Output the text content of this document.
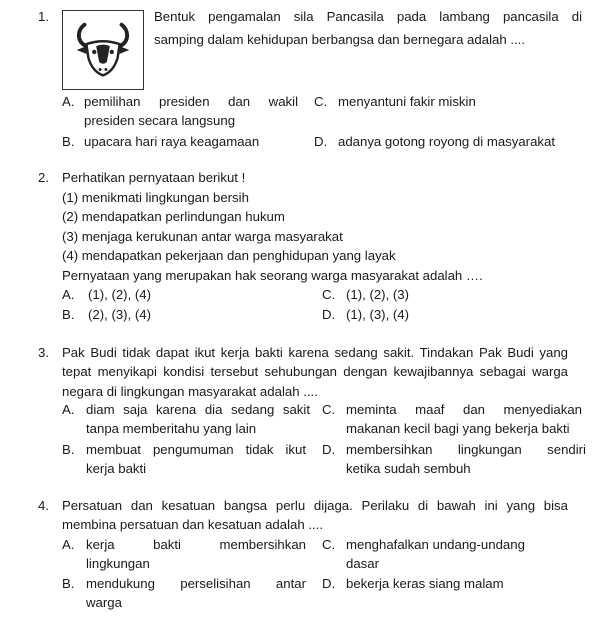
1.	Bentuk pengamalan sila Pancasila pada lambang pancasila di
samping dalam kehidupan berbangsa dan bernegara adalah ....
A. pemilihan presiden dan wakil
presiden secara langsung
B. upacara hari raya keagamaan
C. menyantuni fakir miskin
D. adanya gotong royong di masyarakat
2. Perhatikan pernyataan berikut !
(1) menikmati lingkungan bersih
(2) mendapatkan perlindungan hukum
(3) menjaga kerukunan antar warga masyarakat
(4) mendapatkan pekerjaan dan penghidupan yang layak
Pernyataan yang merupakan hak seorang warga masyarakat adalah ….
A. (1), (2), (4)
B. (2), (3), (4)
C. (1), (2), (3)
D. (1), (3), (4)
3. Pak Budi tidak dapat ikut kerja bakti karena sedang sakit. Tindakan Pak Budi yang
tepat menyikapi kondisi tersebut sehubungan dengan kewajibannya sebagai warga
negara di lingkungan masyarakat adalah ....
A. diam saja karena dia sedang sakit
tanpa memberitahu yang lain
B. membuat pengumuman tidak ikut
kerja bakti
C. meminta maaf dan menyediakan
makanan kecil bagi yang bekerja bakti
D. membersihkan lingkungan sendiri
ketika sudah sembuh
4. Persatuan dan kesatuan bangsa perlu dijaga. Perilaku di bawah ini yang bisa
membina persatuan dan kesatuan adalah ....
A. kerja bakti membersihkan
lingkungan
B. mendukung perselisihan antar
warga
C. menghafalkan undang-undang
dasar
D. bekerja keras siang malam
